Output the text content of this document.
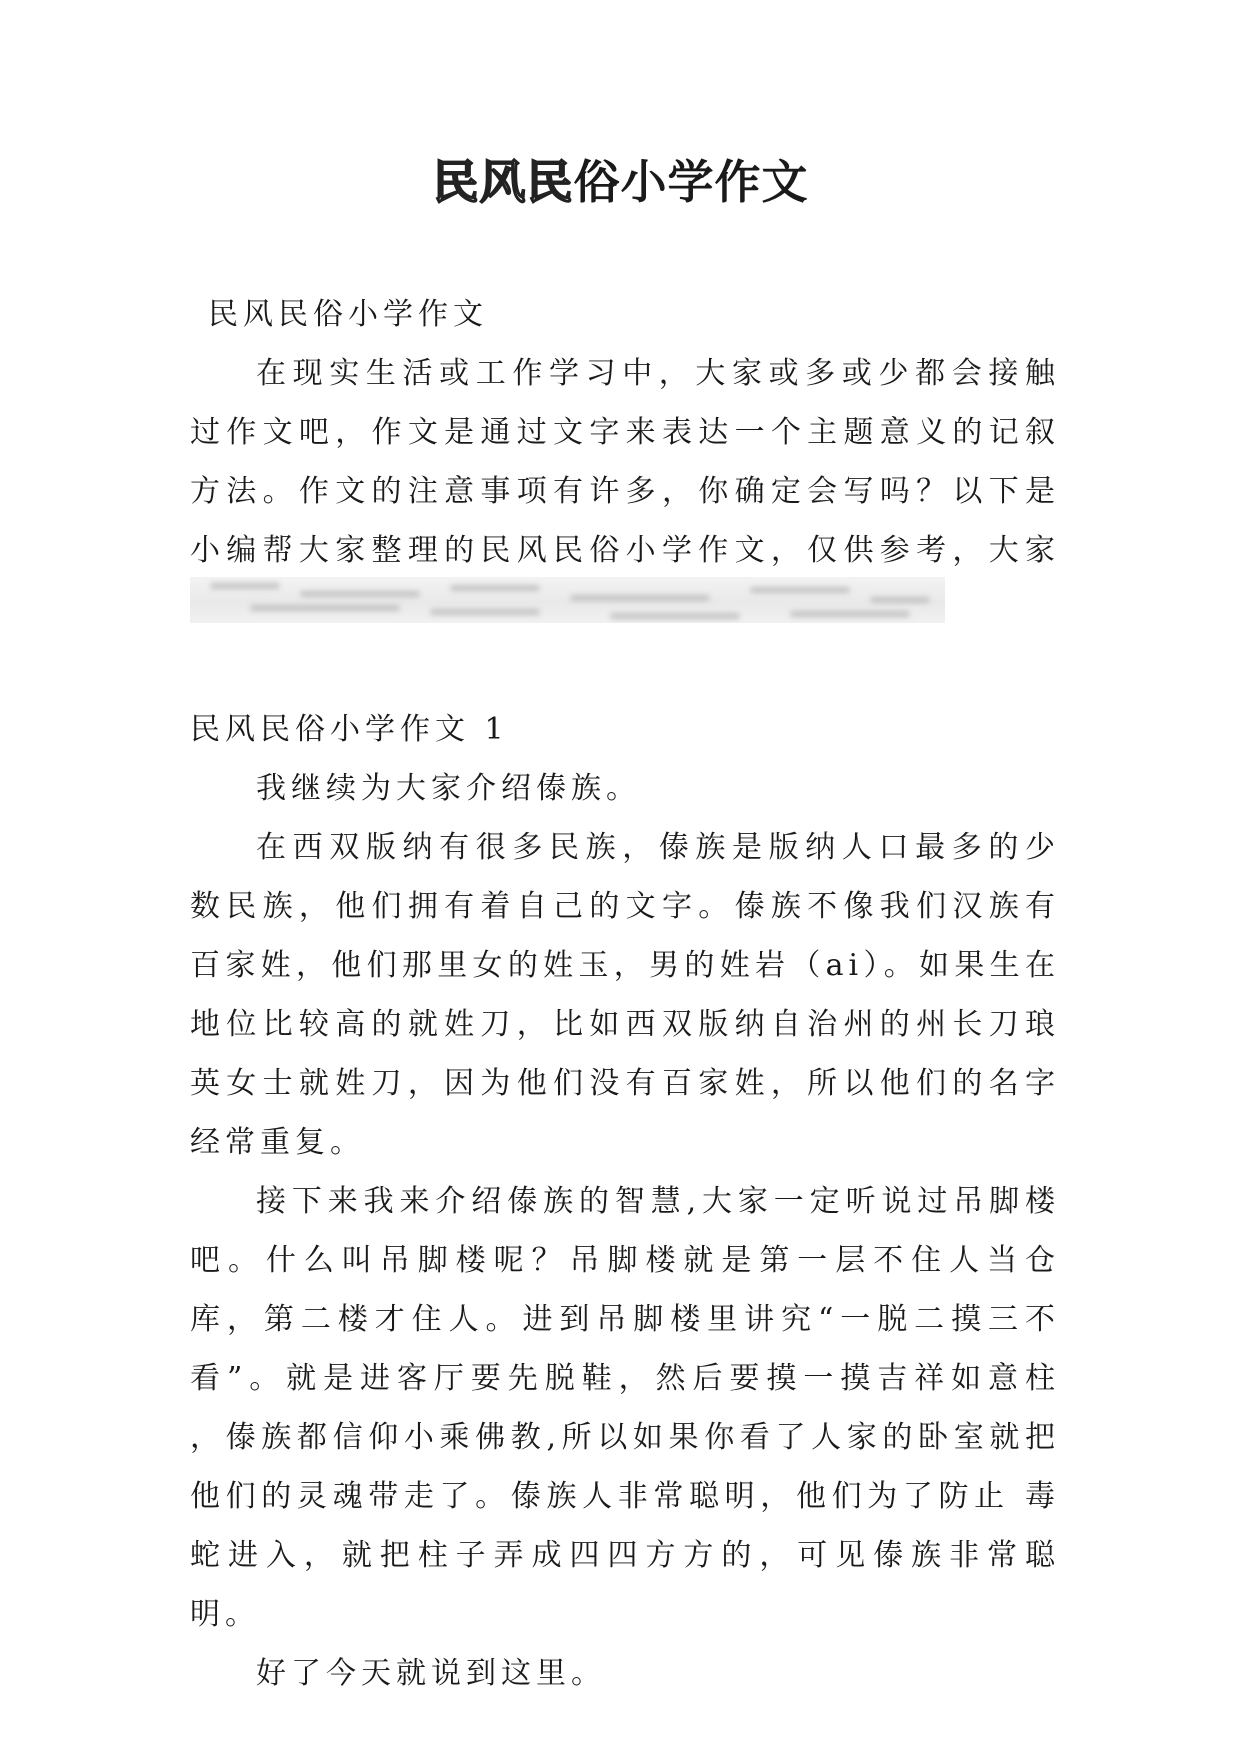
民风民俗小学作文

民风民俗小学作文

在现实生活或工作学习中，大家或多或少都会接触过作文吧，作文是通过文字来表达一个主题意义的记叙方法。作文的注意事项有许多，你确定会写吗？以下是小编帮大家整理的民风民俗小学作文，仅供参考，大家

民风民俗小学作文 1

我继续为大家介绍傣族。

在西双版纳有很多民族，傣族是版纳人口最多的少数民族，他们拥有着自己的文字。傣族不像我们汉族有 百家姓，他们那里女的姓玉，男的姓岩（ai）。如果生在地位比较高的就姓刀，比如西双版纳自治州的州长刀琅 英女士就姓刀，因为他们没有百家姓，所以他们的名字经常重复。

接下来我来介绍傣族的智慧,大家一定听说过吊脚楼吧。什么叫吊脚楼呢？吊脚楼就是第一层不住人当仓 库，第二楼才住人。进到吊脚楼里讲究“一脱二摸三不看”。就是进客厅要先脱鞋，然后要摸一摸吉祥如意柱 ，傣族都信仰小乘佛教,所以如果你看了人家的卧室就把他们的灵魂带走了。傣族人非常聪明，他们为了防止 毒蛇进入，就把柱子弄成四四方方的，可见傣族非常聪明。

好了今天就说到这里。
